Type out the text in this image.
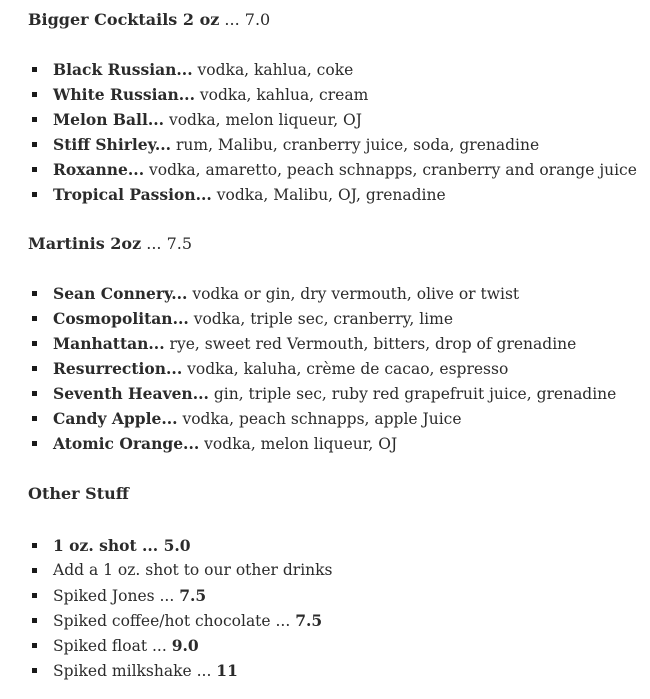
Bigger Cocktails 2 oz ... 7.0
Black Russian... vodka, kahlua, coke
White Russian... vodka, kahlua, cream
Melon Ball... vodka, melon liqueur, OJ
Stiff Shirley... rum, Malibu, cranberry juice, soda, grenadine
Roxanne... vodka, amaretto, peach schnapps, cranberry and orange juice
Tropical Passion... vodka, Malibu, OJ, grenadine
Martinis 2oz ... 7.5
Sean Connery... vodka or gin, dry vermouth, olive or twist
Cosmopolitan... vodka, triple sec, cranberry, lime
Manhattan... rye, sweet red Vermouth, bitters, drop of grenadine
Resurrection... vodka, kaluha, crème de cacao, espresso
Seventh Heaven... gin, triple sec, ruby red grapefruit juice, grenadine
Candy Apple... vodka, peach schnapps, apple Juice
Atomic Orange... vodka, melon liqueur, OJ
Other Stuff
1 oz. shot ... 5.0
Add a 1 oz. shot to our other drinks
Spiked Jones ... 7.5
Spiked coffee/hot chocolate ... 7.5
Spiked float ... 9.0
Spiked milkshake ... 11
